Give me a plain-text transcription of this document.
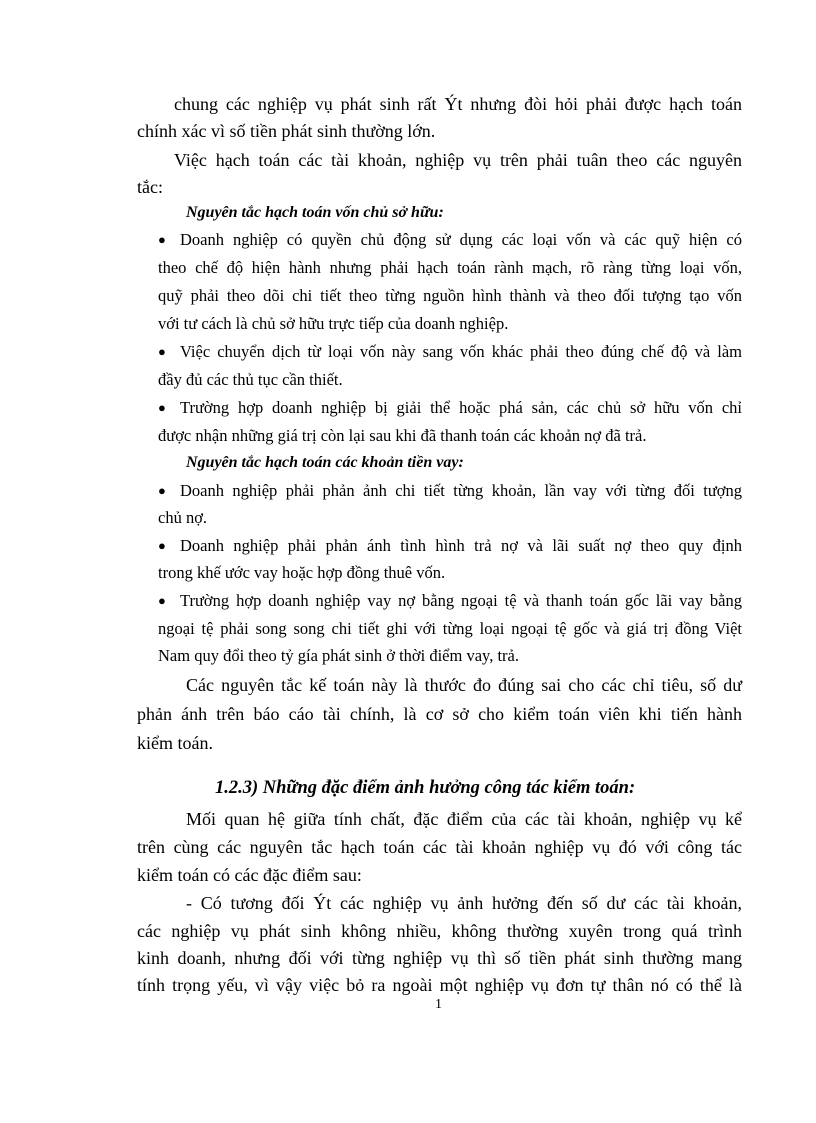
chung các nghiệp vụ phát sinh rất Ýt nhưng đòi hỏi phải được hạch toán
chính xác vì số tiền phát sinh thường lớn.
Việc hạch toán các tài khoản, nghiệp vụ trên phải tuân theo các nguyên
tắc:
Nguyên tắc hạch toán vốn chủ sở hữu:
● Doanh nghiệp có quyền chủ động sử dụng các loại vốn và các quỹ hiện có
theo chế độ hiện hành nhưng phải hạch toán rành mạch, rõ ràng từng loại vốn,
quỹ phải theo dõi chi tiết theo từng nguồn hình thành và theo đối tượng tạo vốn
với tư cách là chủ sở hữu trực tiếp của doanh nghiệp.
● Việc chuyển dịch từ loại vốn này sang vốn khác phải theo đúng chế độ và làm
đầy đủ các thủ tục cần thiết.
● Trường hợp doanh nghiệp bị giải thể hoặc phá sản, các chủ sở hữu vốn chỉ
được nhận những giá trị còn lại sau khi đã thanh toán các khoản nợ đã trả.
Nguyên tắc hạch toán các khoản tiền vay:
● Doanh nghiệp phải phản ảnh chi tiết từng khoản, lần vay với từng đối tượng
chủ nợ.
● Doanh nghiệp phải phản ánh tình hình trả nợ và lãi suất nợ theo quy định
trong khế ước vay hoặc hợp đồng thuê vốn.
● Trường hợp doanh nghiệp vay nợ bằng ngoại tệ và thanh toán gốc lãi vay bằng
ngoại tệ phải song song chi tiết ghi với từng loại ngoại tệ gốc và giá trị đồng Việt
Nam quy đổi theo tỷ gía phát sinh ở thời điểm vay, trả.
Các nguyên tắc kế toán này là thước đo đúng sai cho các chỉ tiêu, số dư
phản ánh trên báo cáo tài chính, là cơ sở cho kiểm toán viên khi tiến hành
kiểm toán.
1.2.3) Những đặc điểm ảnh hưởng công tác kiểm toán:
Mối quan hệ giữa tính chất, đặc điểm của các tài khoản, nghiệp vụ kể
trên cùng các nguyên tắc hạch toán các tài khoản nghiệp vụ đó với công tác
kiểm toán có các đặc điểm sau:
- Có tương đối Ýt các nghiệp vụ ảnh hưởng đến số dư các tài khoản,
các nghiệp vụ phát sinh không nhiều, không thường xuyên trong quá trình
kinh doanh, nhưng đối với từng nghiệp vụ thì số tiền phát sinh thường mang
tính trọng yếu, vì vậy việc bỏ ra ngoài một nghiệp vụ đơn tự thân nó có thể là
1
